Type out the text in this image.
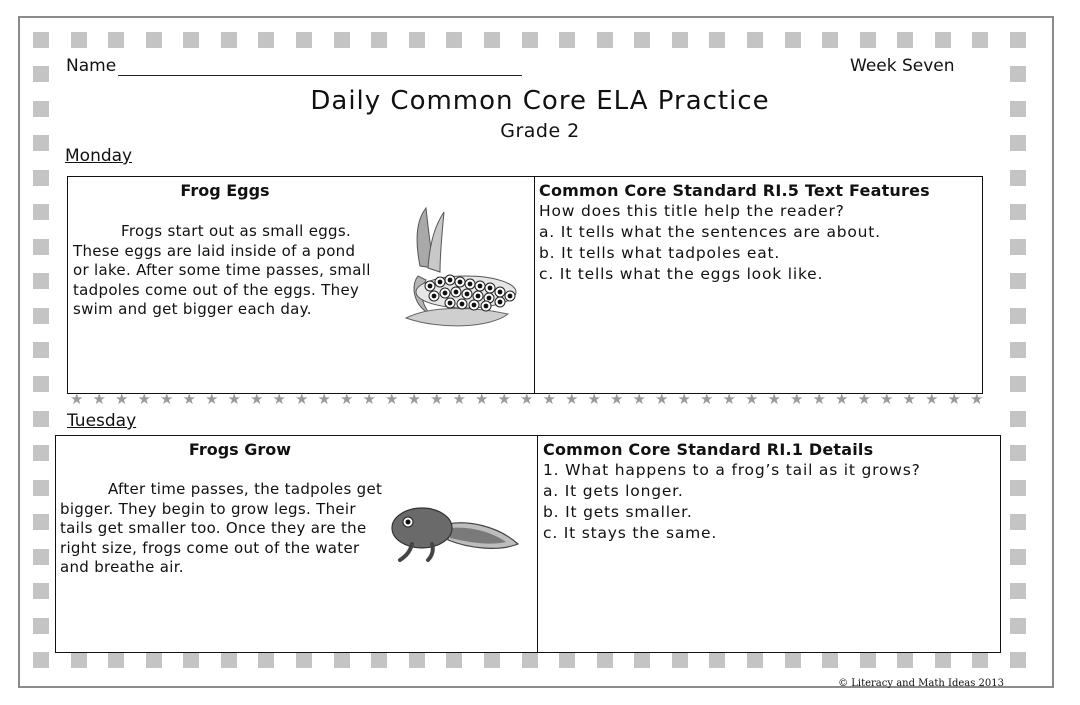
Name	Week Seven
Daily Common Core ELA Practice
Grade 2
Monday
Frog Eggs
Frogs start out as small eggs. These eggs are laid inside of a pond or lake. After some time passes, small tadpoles come out of the eggs. They swim and get bigger each day.
Common Core Standard RI.5 Text Features
How does this title help the reader?
a. It tells what the sentences are about.
b. It tells what tadpoles eat.
c. It tells what the eggs look like.
★ ★ ★ ★ ★ ★ ★ ★ ★ ★ ★ ★ ★ ★ ★ ★ ★ ★ ★ ★ ★ ★ ★ ★ ★ ★ ★ ★ ★ ★ ★ ★ ★ ★ ★ ★ ★ ★ ★ ★ ★
Tuesday
Frogs Grow
After time passes, the tadpoles get bigger. They begin to grow legs. Their tails get smaller too. Once they are the right size, frogs come out of the water and breathe air.
Common Core Standard RI.1 Details
1. What happens to a frog’s tail as it grows?
a. It gets longer.
b. It gets smaller.
c. It stays the same.
© Literacy and Math Ideas 2013
